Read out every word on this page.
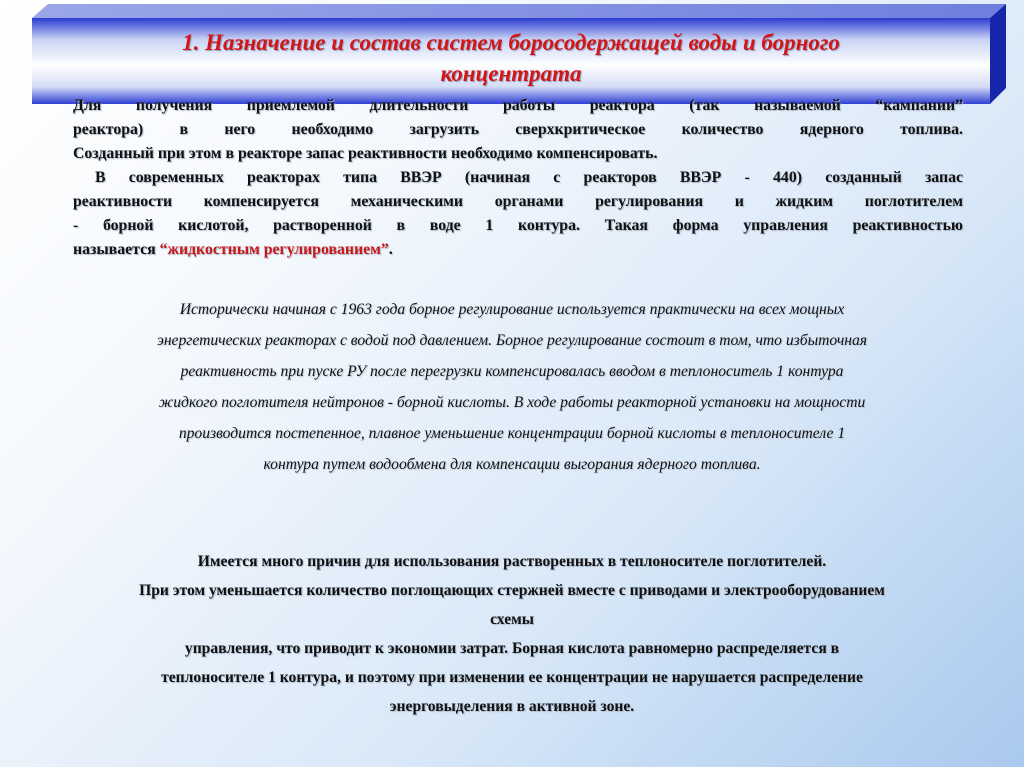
1. Назначение и состав систем боросодержащей воды и борного
концентрата
Для получения приемлемой длительности работы реактора (так называемой “кампании”
реактора) в него необходимо загрузить сверхкритическое количество ядерного топлива.
Созданный при этом в реакторе запас реактивности необходимо компенсировать.
В современных реакторах типа ВВЭР (начиная с реакторов ВВЭР - 440) созданный запас
реактивности компенсируется механическими органами регулирования и жидким поглотителем
- борной кислотой, растворенной в воде 1 контура. Такая форма управления реактивностью
называется “жидкостным регулированием”.
Исторически начиная с 1963 года борное регулирование используется практически на всех мощных
энергетических реакторах с водой под давлением. Борное регулирование состоит в том, что избыточная
реактивность при пуске РУ после перегрузки компенсировалась вводом в теплоноситель 1 контура
жидкого поглотителя нейтронов - борной кислоты. В ходе работы реакторной установки на мощности
производится постепенное, плавное уменьшение концентрации борной кислоты в теплоносителе 1
контура путем водообмена для компенсации выгорания ядерного топлива.
Имеется много причин для использования растворенных в теплоносителе поглотителей.
При этом уменьшается количество поглощающих стержней вместе с приводами и электрооборудованием
схемы
управления, что приводит к экономии затрат. Борная кислота равномерно распределяется в
теплоносителе 1 контура, и поэтому при изменении ее концентрации не нарушается распределение
энерговыделения в активной зоне.
